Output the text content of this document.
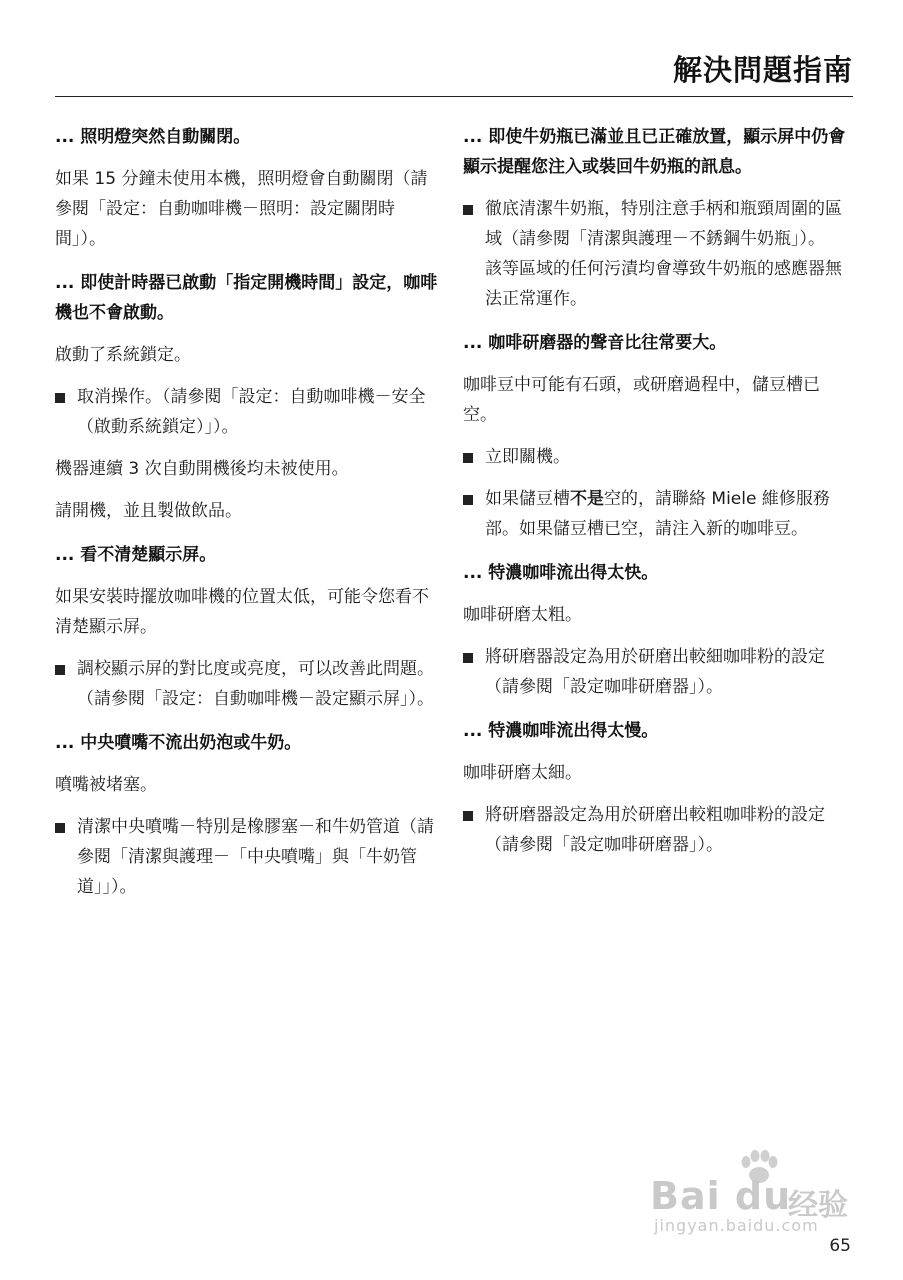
解決問題指南
... 照明燈突然自動關閉。
如果 15 分鐘未使用本機，照明燈會自動關閉（請參閱「設定：自動咖啡機－照明：設定關閉時間」）。
... 即使計時器已啟動「指定開機時間」設定，咖啡機也不會啟動。
啟動了系統鎖定。
取消操作。（請參閱「設定：自動咖啡機－安全（啟動系統鎖定）」）。
機器連續 3 次自動開機後均未被使用。
請開機，並且製做飲品。
... 看不清楚顯示屏。
如果安裝時擺放咖啡機的位置太低，可能令您看不清楚顯示屏。
調校顯示屏的對比度或亮度，可以改善此問題。（請參閱「設定：自動咖啡機－設定顯示屏」）。
... 中央噴嘴不流出奶泡或牛奶。
噴嘴被堵塞。
清潔中央噴嘴－特別是橡膠塞－和牛奶管道（請參閱「清潔與護理－「中央噴嘴」與「牛奶管道」」）。
... 即使牛奶瓶已滿並且已正確放置，顯示屏中仍會顯示提醒您注入或裝回牛奶瓶的訊息。
徹底清潔牛奶瓶，特別注意手柄和瓶頸周圍的區域（請參閱「清潔與護理－不銹鋼牛奶瓶」）。
該等區域的任何污漬均會導致牛奶瓶的感應器無法正常運作。
... 咖啡研磨器的聲音比往常要大。
咖啡豆中可能有石頭，或研磨過程中，儲豆槽已空。
立即關機。
如果儲豆槽不是空的，請聯絡 Miele 維修服務部。如果儲豆槽已空，請注入新的咖啡豆。
... 特濃咖啡流出得太快。
咖啡研磨太粗。
將研磨器設定為用於研磨出較細咖啡粉的設定（請參閱「設定咖啡研磨器」）。
... 特濃咖啡流出得太慢。
咖啡研磨太細。
將研磨器設定為用於研磨出較粗咖啡粉的設定（請參閱「設定咖啡研磨器」）。
Bai du
经验
jingyan.baidu.com
65
